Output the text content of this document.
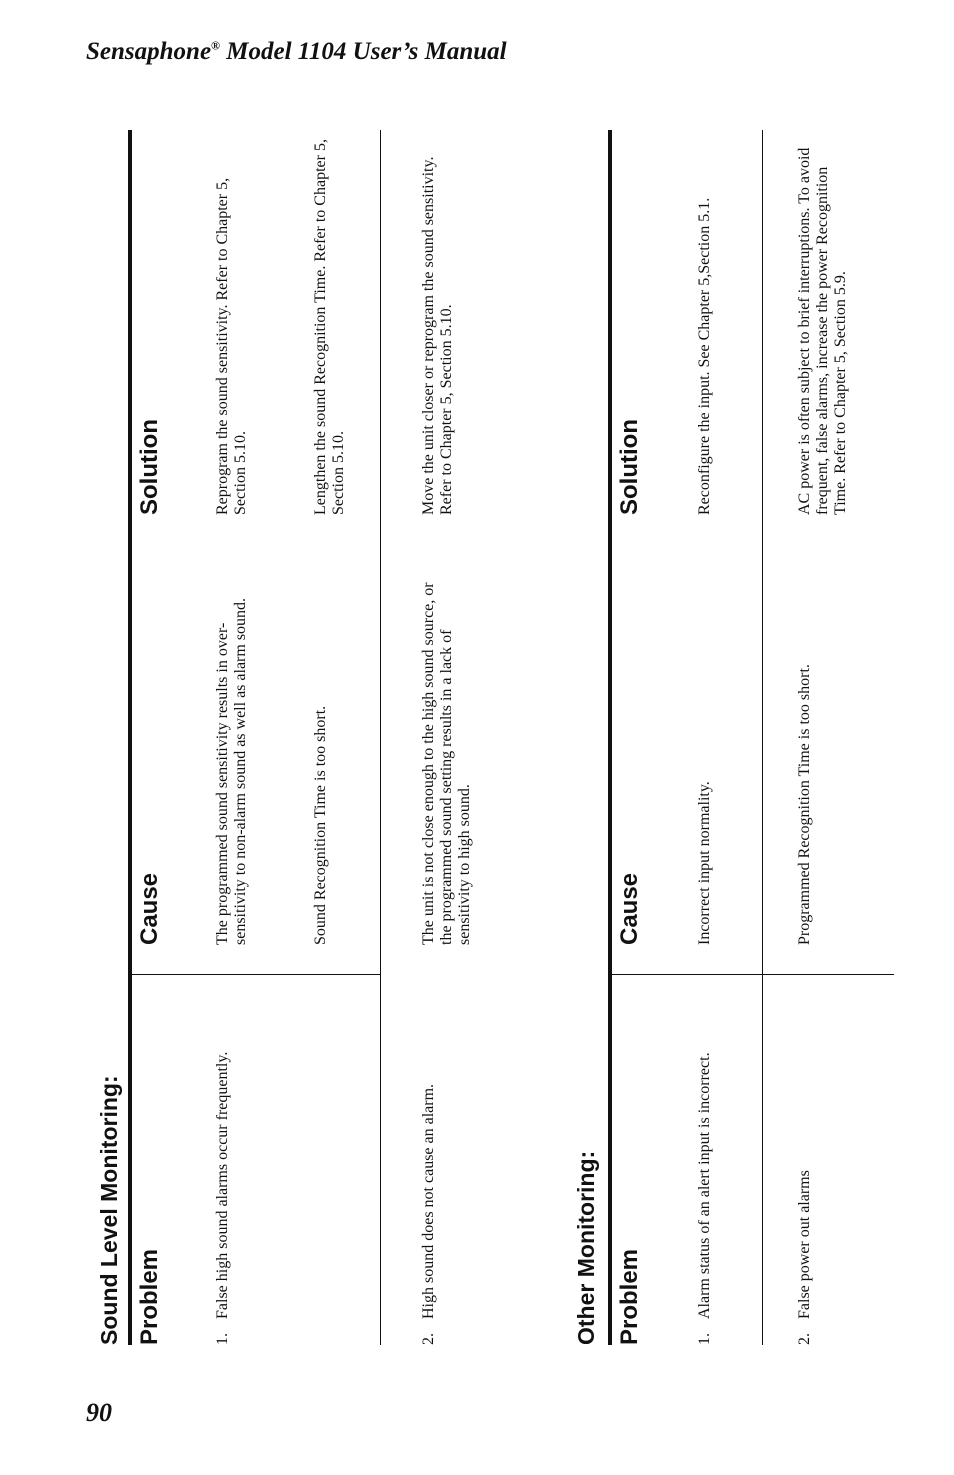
Sensaphone® Model 1104 User’s Manual
90
Sound Level Monitoring: Problem
Cause
Solution
1.
False high sound alarms occur frequently.
The programmed sound sensitivity results in over-sensitivity to non-alarm sound as well as alarm sound.
Reprogram the sound sensitivity. Refer to Chapter 5, Section 5.10.
Sound Recognition Time is too short.
Lengthen the sound Recognition Time. Refer to Chapter 5, Section 5.10.
2.
High sound does not cause an alarm.
The unit is not close enough to the high sound source, or the programmed sound setting results in a lack of sensitivity to high sound.
Move the unit closer or reprogram the sound sensitivity. Refer to Chapter 5, Section 5.10.
Other Monitoring: Problem
Cause
Solution
1.
Alarm status of an alert input is incorrect.
Incorrect input normality.
Reconfigure the input. See Chapter 5,Section 5.1.
2.
False power out alarms
Programmed Recognition Time is too short.
AC power is often subject to brief interruptions. To avoid frequent, false alarms, increase the power Recognition Time. Refer to Chapter 5, Section 5.9.
